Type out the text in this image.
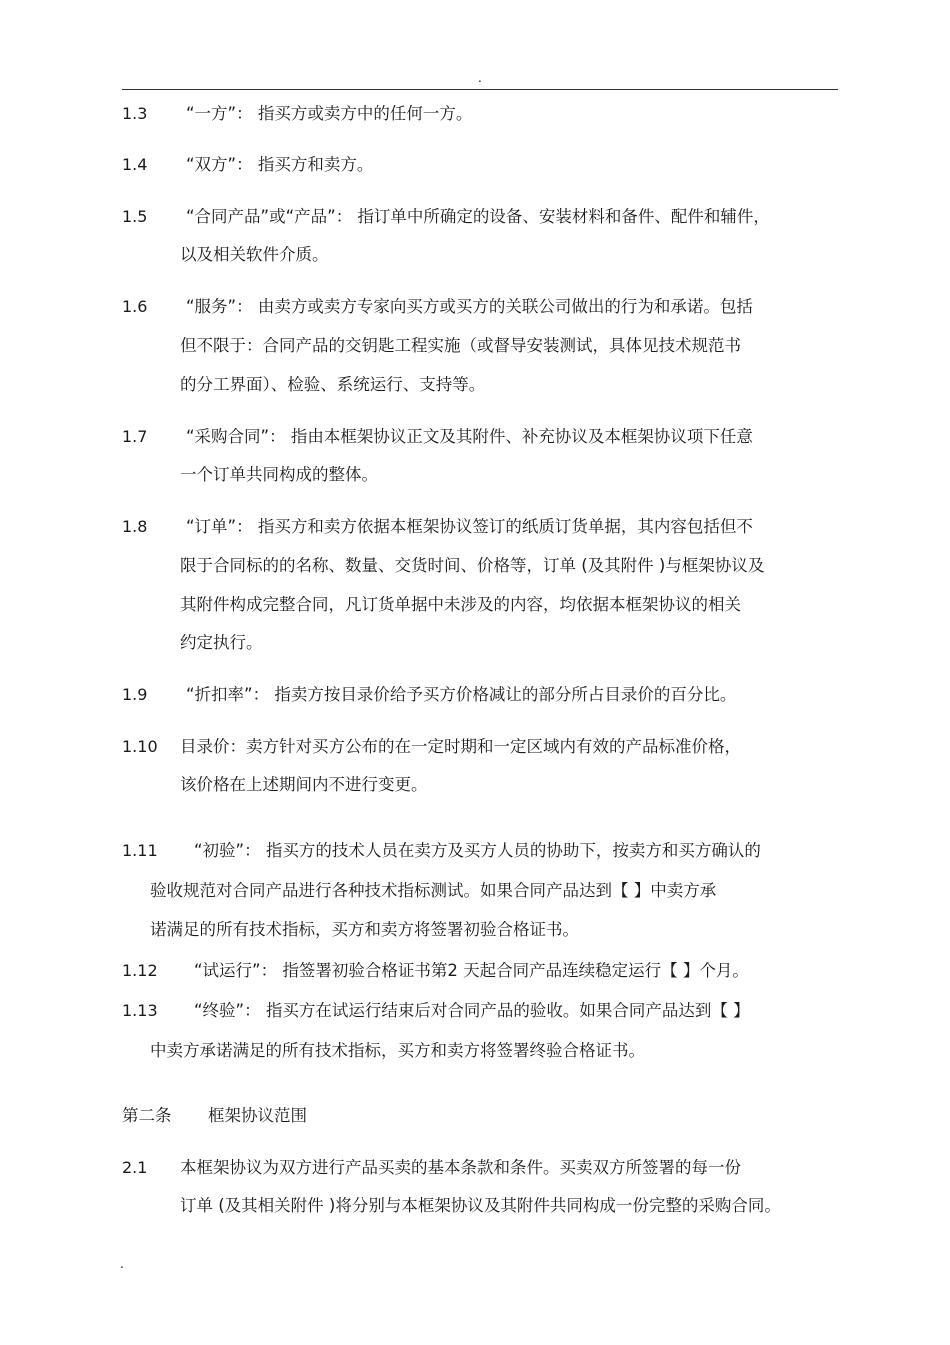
.
1.3 “一方”： 指买方或卖方中的任何一方。
1.4 “双方”： 指买方和卖方。
1.5 “合同产品”或“产品”： 指订单中所确定的设备、安装材料和备件、配件和辅件，
以及相关软件介质。
1.6 “服务”： 由卖方或卖方专家向买方或买方的关联公司做出的行为和承诺。包括
但不限于：合同产品的交钥匙工程实施（或督导安装测试，具体见技术规范书
的分工界面）、检验、系统运行、支持等。
1.7 “采购合同”： 指由本框架协议正文及其附件、补充协议及本框架协议项下任意
一个订单共同构成的整体。
1.8 “订单”： 指买方和卖方依据本框架协议签订的纸质订货单据，其内容包括但不
限于合同标的的名称、数量、交货时间、价格等，订单 (及其附件 )与框架协议及
其附件构成完整合同，凡订货单据中未涉及的内容，均依据本框架协议的相关
约定执行。
1.9 “折扣率”： 指卖方按目录价给予买方价格减让的部分所占目录价的百分比。
1.10 目录价：卖方针对买方公布的在一定时期和一定区域内有效的产品标准价格，
该价格在上述期间内不进行变更。
1.11 “初验”： 指买方的技术人员在卖方及买方人员的协助下，按卖方和买方确认的
验收规范对合同产品进行各种技术指标测试。如果合同产品达到【 】中卖方承
诺满足的所有技术指标，买方和卖方将签署初验合格证书。
1.12 “试运行”： 指签署初验合格证书第2 天起合同产品连续稳定运行【 】个月。
1.13 “终验”： 指买方在试运行结束后对合同产品的验收。如果合同产品达到【 】
中卖方承诺满足的所有技术指标，买方和卖方将签署终验合格证书。
第二条 框架协议范围
2.1 本框架协议为双方进行产品买卖的基本条款和条件。买卖双方所签署的每一份
订单 (及其相关附件 )将分别与本框架协议及其附件共同构成一份完整的采购合同。
.
